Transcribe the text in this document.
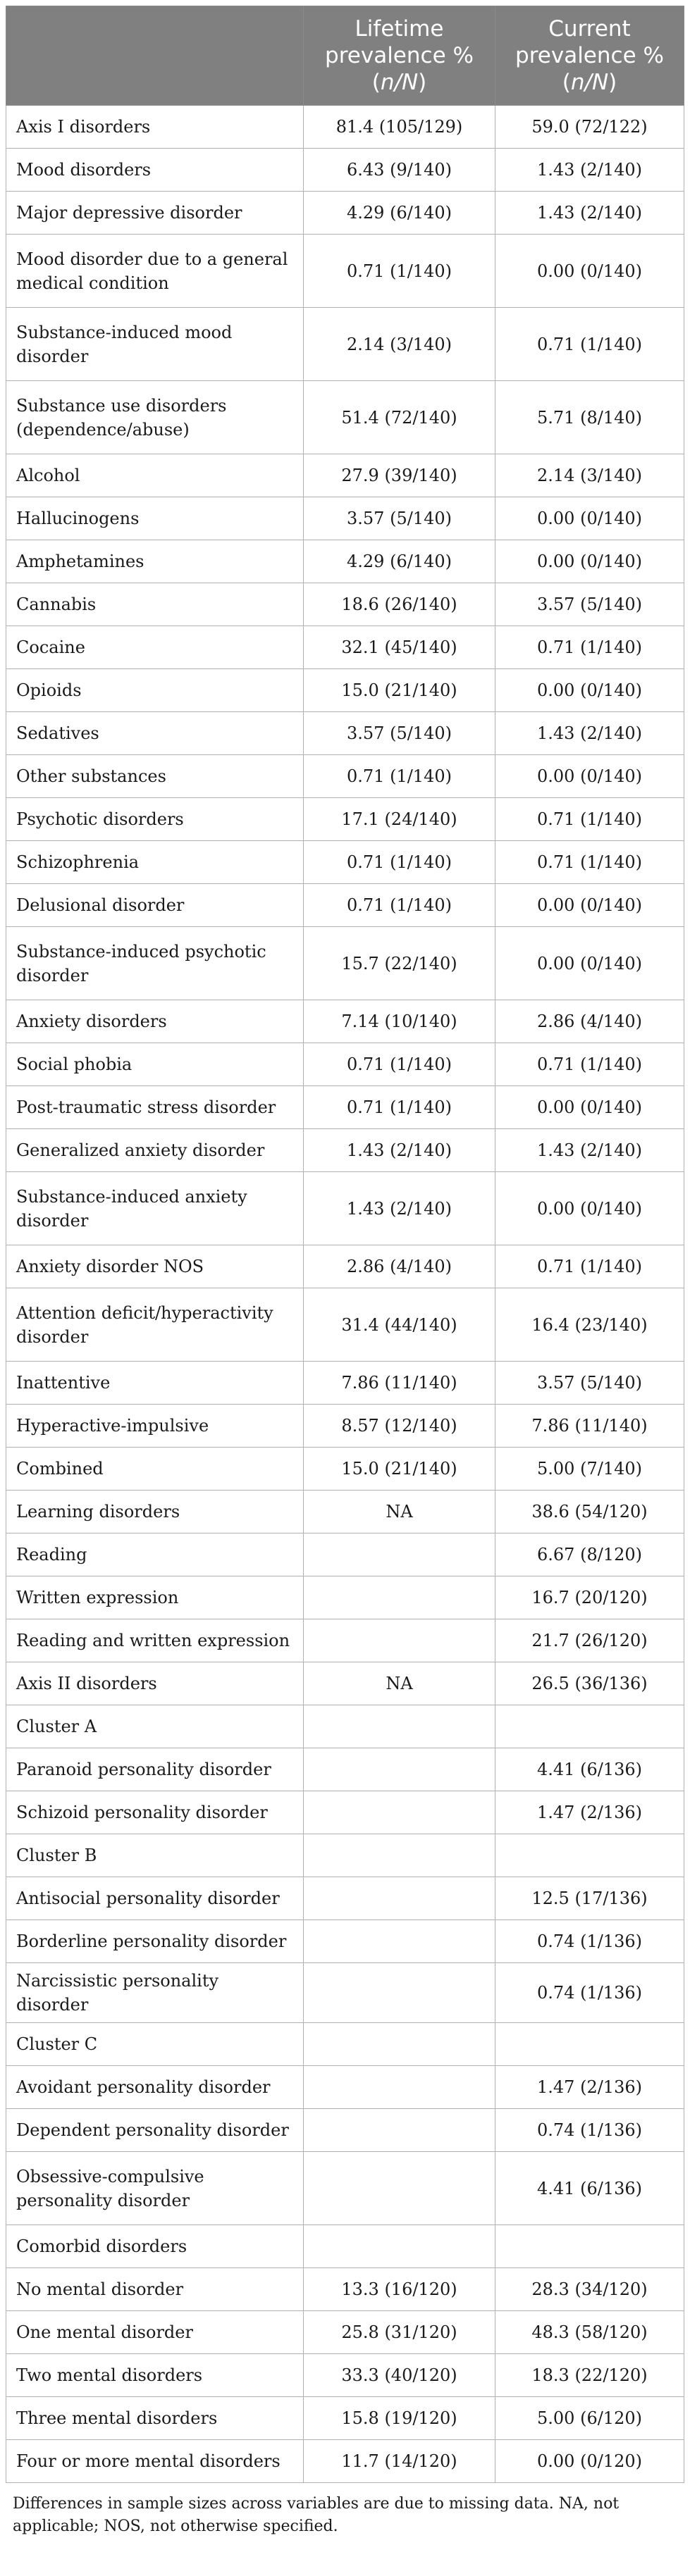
	Lifetime
prevalence %
(n/N)	Current
prevalence %
(n/N)
Axis I disorders	81.4 (105/129)	59.0 (72/122)
Mood disorders	6.43 (9/140)	1.43 (2/140)
Major depressive disorder	4.29 (6/140)	1.43 (2/140)
Mood disorder due to a general medical condition	0.71 (1/140)	0.00 (0/140)
Substance-induced mood disorder	2.14 (3/140)	0.71 (1/140)
Substance use disorders (dependence/abuse)	51.4 (72/140)	5.71 (8/140)
Alcohol	27.9 (39/140)	2.14 (3/140)
Hallucinogens	3.57 (5/140)	0.00 (0/140)
Amphetamines	4.29 (6/140)	0.00 (0/140)
Cannabis	18.6 (26/140)	3.57 (5/140)
Cocaine	32.1 (45/140)	0.71 (1/140)
Opioids	15.0 (21/140)	0.00 (0/140)
Sedatives	3.57 (5/140)	1.43 (2/140)
Other substances	0.71 (1/140)	0.00 (0/140)
Psychotic disorders	17.1 (24/140)	0.71 (1/140)
Schizophrenia	0.71 (1/140)	0.71 (1/140)
Delusional disorder	0.71 (1/140)	0.00 (0/140)
Substance-induced psychotic disorder	15.7 (22/140)	0.00 (0/140)
Anxiety disorders	7.14 (10/140)	2.86 (4/140)
Social phobia	0.71 (1/140)	0.71 (1/140)
Post-traumatic stress disorder	0.71 (1/140)	0.00 (0/140)
Generalized anxiety disorder	1.43 (2/140)	1.43 (2/140)
Substance-induced anxiety disorder	1.43 (2/140)	0.00 (0/140)
Anxiety disorder NOS	2.86 (4/140)	0.71 (1/140)
Attention deficit/hyperactivity disorder	31.4 (44/140)	16.4 (23/140)
Inattentive	7.86 (11/140)	3.57 (5/140)
Hyperactive-impulsive	8.57 (12/140)	7.86 (11/140)
Combined	15.0 (21/140)	5.00 (7/140)
Learning disorders	NA	38.6 (54/120)
Reading		6.67 (8/120)
Written expression		16.7 (20/120)
Reading and written expression		21.7 (26/120)
Axis II disorders	NA	26.5 (36/136)
Cluster A		
Paranoid personality disorder		4.41 (6/136)
Schizoid personality disorder		1.47 (2/136)
Cluster B		
Antisocial personality disorder		12.5 (17/136)
Borderline personality disorder		0.74 (1/136)
Narcissistic personality disorder		0.74 (1/136)
Cluster C		
Avoidant personality disorder		1.47 (2/136)
Dependent personality disorder		0.74 (1/136)
Obsessive-compulsive personality disorder		4.41 (6/136)
Comorbid disorders		
No mental disorder	13.3 (16/120)	28.3 (34/120)
One mental disorder	25.8 (31/120)	48.3 (58/120)
Two mental disorders	33.3 (40/120)	18.3 (22/120)
Three mental disorders	15.8 (19/120)	5.00 (6/120)
Four or more mental disorders	11.7 (14/120)	0.00 (0/120)
Differences in sample sizes across variables are due to missing data. NA, not applicable; NOS, not otherwise specified.
